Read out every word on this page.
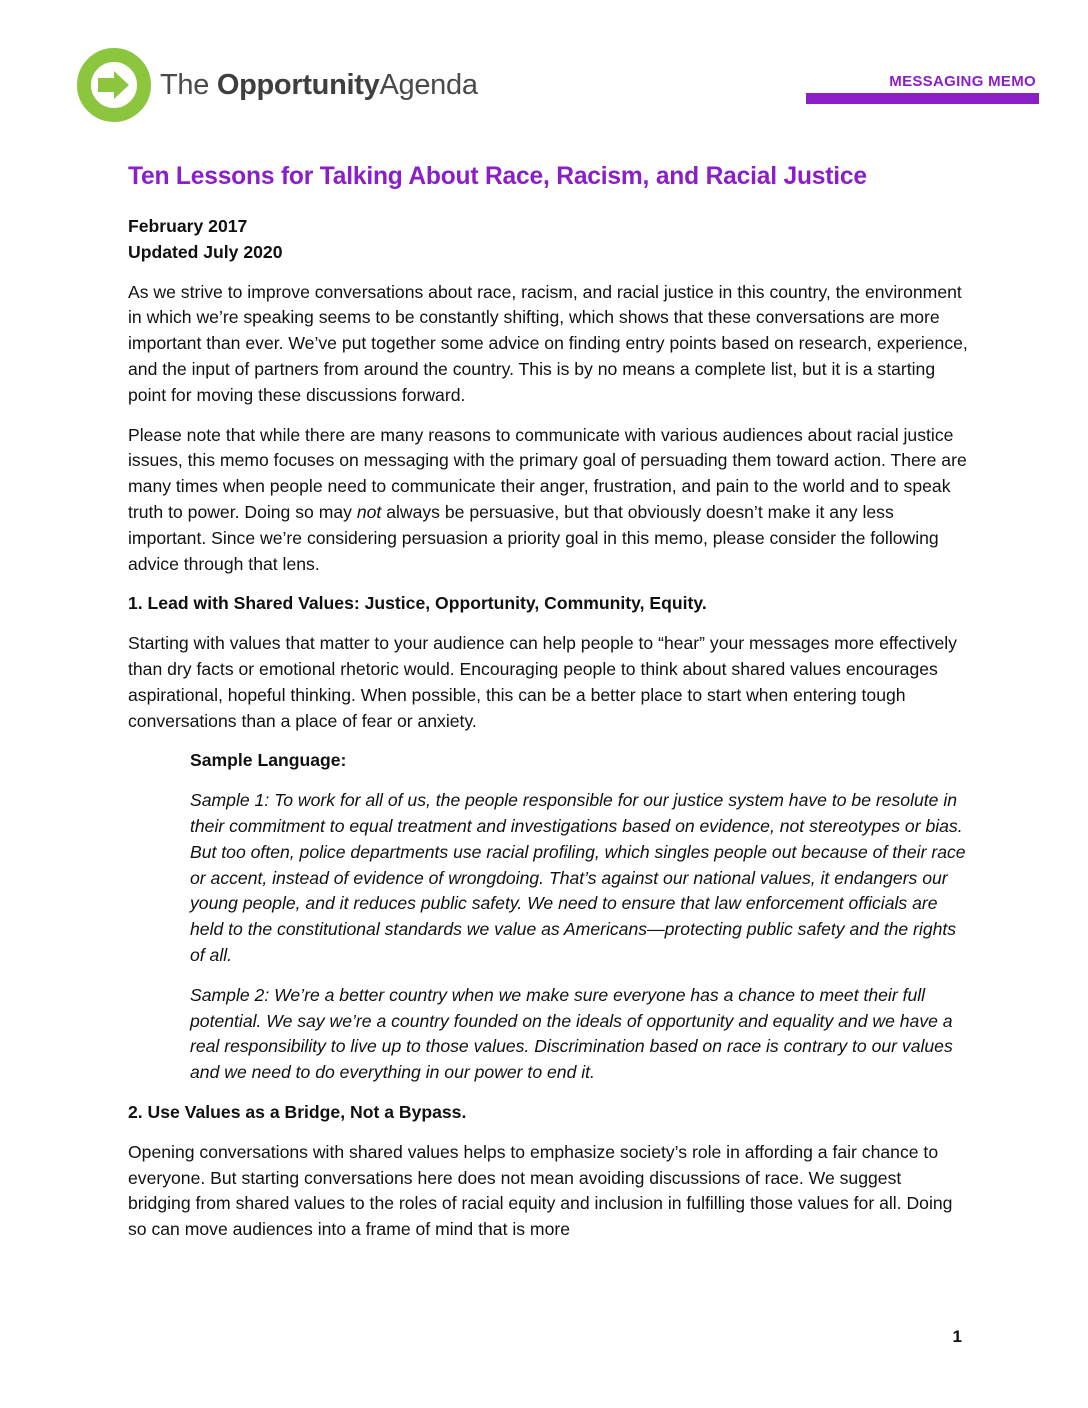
The OpportunityAgenda	MESSAGING MEMO
Ten Lessons for Talking About Race, Racism, and Racial Justice

February 2017

Updated July 2020

As we strive to improve conversations about race, racism, and racial justice in this country, the environment in which we’re speaking seems to be constantly shifting, which shows that these conversations are more important than ever. We’ve put together some advice on finding entry points based on research, experience, and the input of partners from around the country. This is by no means a complete list, but it is a starting point for moving these discussions forward.

Please note that while there are many reasons to communicate with various audiences about racial justice issues, this memo focuses on messaging with the primary goal of persuading them toward action. There are many times when people need to communicate their anger, frustration, and pain to the world and to speak truth to power. Doing so may not always be persuasive, but that obviously doesn’t make it any less important. Since we’re considering persuasion a priority goal in this memo, please consider the following advice through that lens.

1. Lead with Shared Values: Justice, Opportunity, Community, Equity.

Starting with values that matter to your audience can help people to “hear” your messages more effectively than dry facts or emotional rhetoric would. Encouraging people to think about shared values encourages aspirational, hopeful thinking. When possible, this can be a better place to start when entering tough conversations than a place of fear or anxiety.

Sample Language:

Sample 1: To work for all of us, the people responsible for our justice system have to be resolute in their commitment to equal treatment and investigations based on evidence, not stereotypes or bias. But too often, police departments use racial profiling, which singles people out because of their race or accent, instead of evidence of wrongdoing. That’s against our national values, it endangers our young people, and it reduces public safety. We need to ensure that law enforcement officials are held to the constitutional standards we value as Americans—protecting public safety and the rights of all.

Sample 2: We’re a better country when we make sure everyone has a chance to meet their full potential. We say we’re a country founded on the ideals of opportunity and equality and we have a real responsibility to live up to those values. Discrimination based on race is contrary to our values and we need to do everything in our power to end it.

2. Use Values as a Bridge, Not a Bypass.

Opening conversations with shared values helps to emphasize society’s role in affording a fair chance to everyone. But starting conversations here does not mean avoiding discussions of race. We suggest bridging from shared values to the roles of racial equity and inclusion in fulfilling those values for all. Doing so can move audiences into a frame of mind that is more

1
